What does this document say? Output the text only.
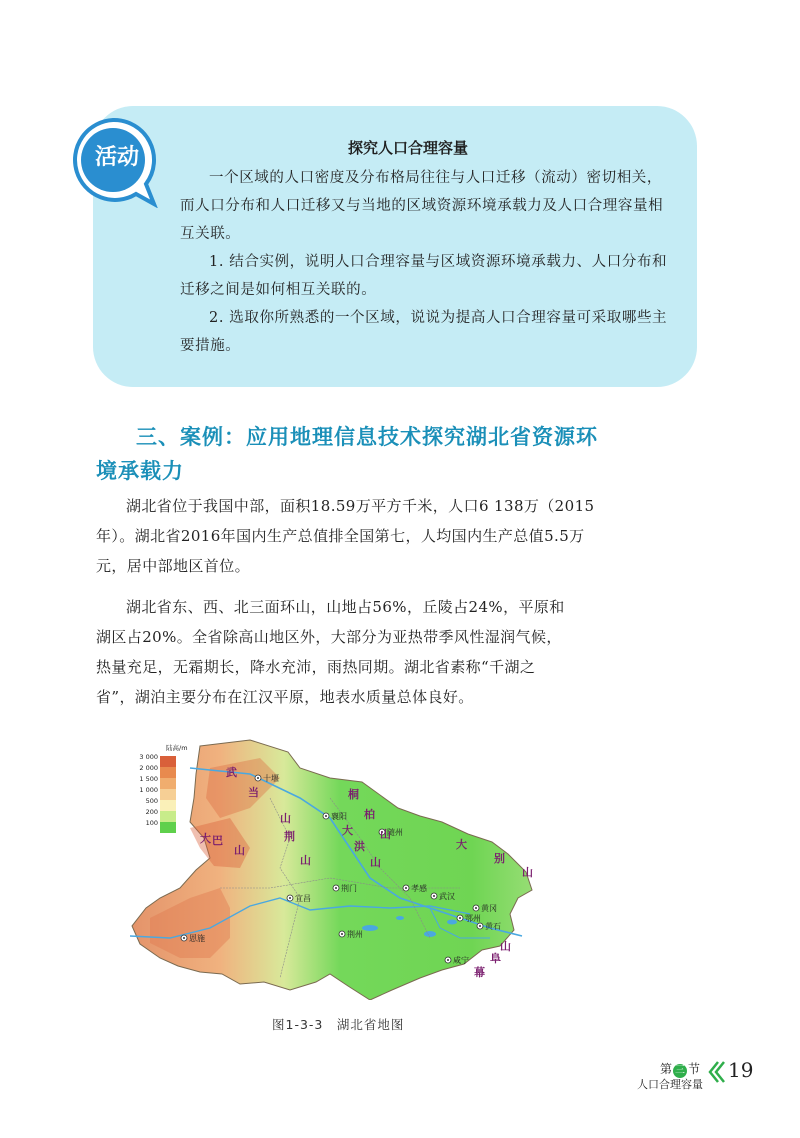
活动	探究人口合理容量

一个区域的人口密度及分布格局往往与人口迁移（流动）密切相关，

而人口分布和人口迁移又与当地的区域资源环境承载力及人口合理容量相

互关联。

1. 结合实例，说明人口合理容量与区域资源环境承载力、人口分布和

迁移之间是如何相互关联的。

2. 选取你所熟悉的一个区域，说说为提高人口合理容量可采取哪些主

要措施。

三、案例：应用地理信息技术探究湖北省资源环
境承载力

湖北省位于我国中部，面积18.59万平方千米，人口6 138万（2015

年）。湖北省2016年国内生产总值排全国第七，人均国内生产总值5.5万

元，居中部地区首位。

湖北省东、西、北三面环山，山地占56%，丘陵占24%，平原和

湖区占20%。全省除高山地区外，大部分为亚热带季风性湿润气候，

热量充足，无霜期长，降水充沛，雨热同期。湖北省素称“千湖之

省”，湖泊主要分布在江汉平原，地表水质量总体良好。

陆高/m
3 000
2 000
1 500
1 000
500
200
100
十堰
襄阳
随州
宜昌
荆门	孝感
武汉
黄冈
鄂州
黄石
荆州
咸宁
恩施
武
当
山
桐
柏
山
大
洪
山
荆
山
大 巴
山	大
别
山
幕
阜
山
图1-3-3　湖北省地图
第 三 节
人口合理容量
19
